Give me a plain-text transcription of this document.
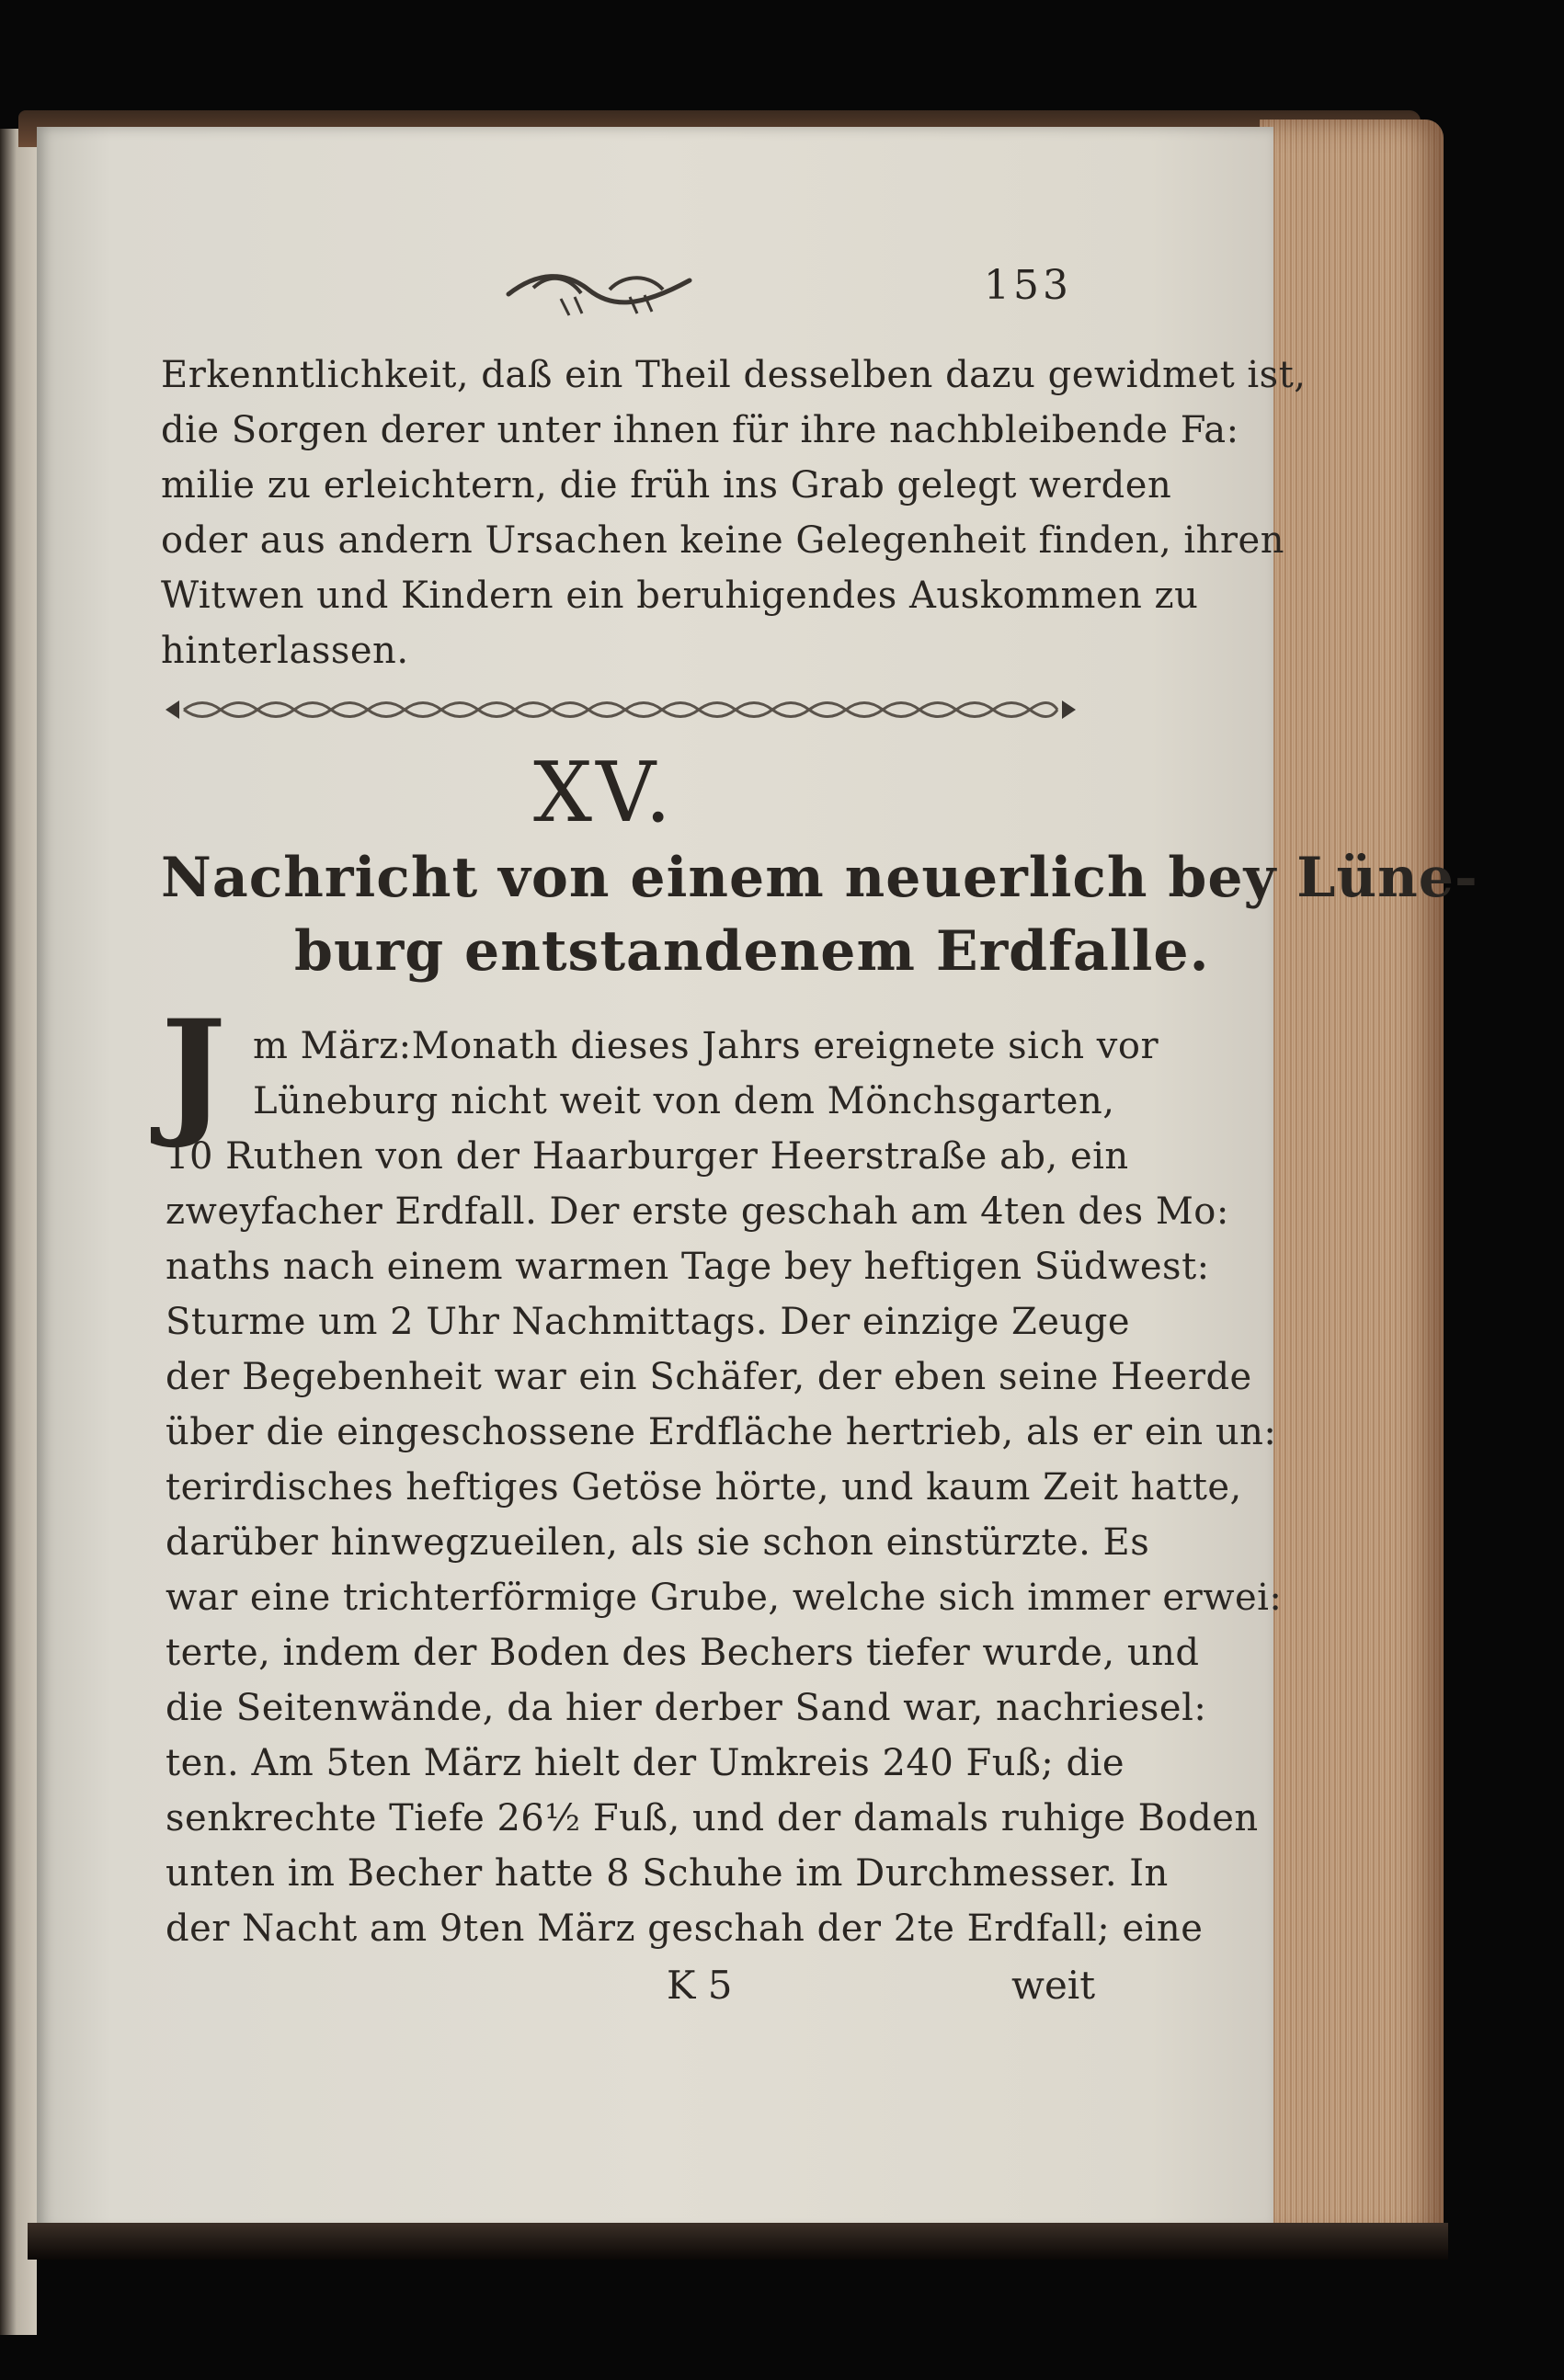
153
Erkenntlichkeit, daß ein Theil desselben dazu gewidmet ist,
die Sorgen derer unter ihnen für ihre nachbleibende Fa:
milie zu erleichtern, die früh ins Grab gelegt werden
oder aus andern Ursachen keine Gelegenheit finden, ihren
Witwen und Kindern ein beruhigendes Auskommen zu
hinterlassen.
XV.
Nachricht von einem neuerlich bey Lüne-
burg entstandenem Erdfalle.
J m März:Monath dieses Jahrs ereignete sich vor
Lüneburg nicht weit von dem Mönchsgarten,
10 Ruthen von der Haarburger Heerstraße ab, ein
zweyfacher Erdfall. Der erste geschah am 4ten des Mo:
naths nach einem warmen Tage bey heftigen Südwest:
Sturme um 2 Uhr Nachmittags. Der einzige Zeuge
der Begebenheit war ein Schäfer, der eben seine Heerde
über die eingeschossene Erdfläche hertrieb, als er ein un:
terirdisches heftiges Getöse hörte, und kaum Zeit hatte,
darüber hinwegzueilen, als sie schon einstürzte. Es
war eine trichterförmige Grube, welche sich immer erwei:
terte, indem der Boden des Bechers tiefer wurde, und
die Seitenwände, da hier derber Sand war, nachriesel:
ten. Am 5ten März hielt der Umkreis 240 Fuß; die
senkrechte Tiefe 26½ Fuß, und der damals ruhige Boden
unten im Becher hatte 8 Schuhe im Durchmesser. In
der Nacht am 9ten März geschah der 2te Erdfall; eine
K 5	weit
